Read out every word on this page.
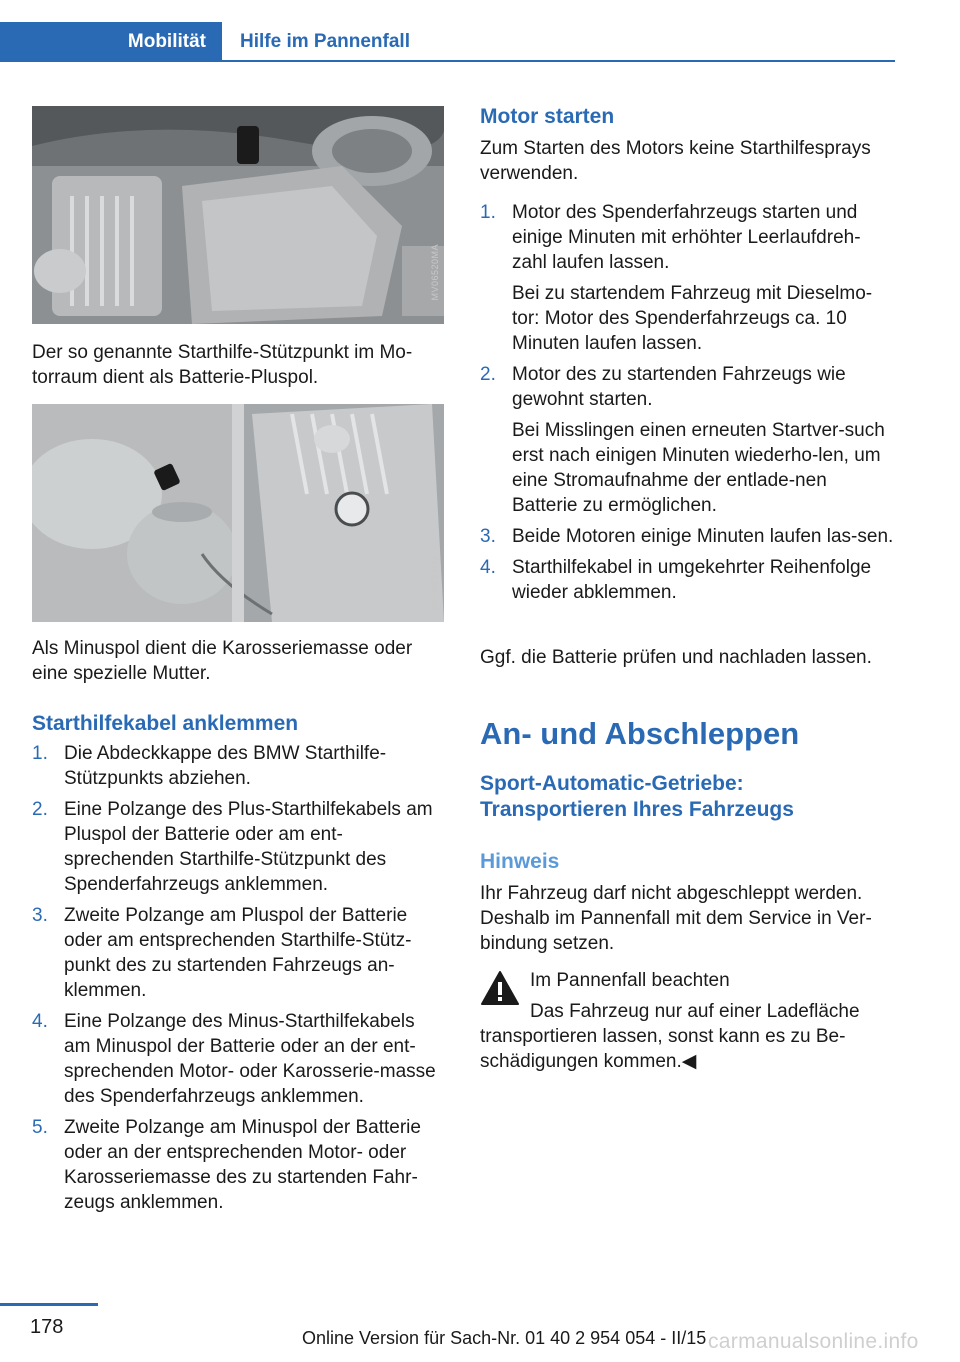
Mobilität Hilfe im Pannenfall
MV06520MA
Der so genannte Starthilfe-Stützpunkt im Mo-torraum dient als Batterie-Pluspol.
MV06523MA
Als Minuspol dient die Karosseriemasse oder eine spezielle Mutter.
Starthilfekabel anklemmen
1. Die Abdeckkappe des BMW Starthilfe-Stützpunkts abziehen.
2. Eine Polzange des Plus-Starthilfekabels am Pluspol der Batterie oder am ent-sprechenden Starthilfe-Stützpunkt des Spenderfahrzeugs anklemmen.
3. Zweite Polzange am Pluspol der Batterie oder am entsprechenden Starthilfe-Stütz-punkt des zu startenden Fahrzeugs an-klemmen.
4. Eine Polzange des Minus-Starthilfekabels am Minuspol der Batterie oder an der ent-sprechenden Motor- oder Karosserie-masse des Spenderfahrzeugs anklemmen.
5. Zweite Polzange am Minuspol der Batterie oder an der entsprechenden Motor- oder Karosseriemasse des zu startenden Fahr-zeugs anklemmen.
Motor starten
Zum Starten des Motors keine Starthilfesprays verwenden.
1. Motor des Spenderfahrzeugs starten und einige Minuten mit erhöhter Leerlaufdreh-zahl laufen lassen.
Bei zu startendem Fahrzeug mit Dieselmo-tor: Motor des Spenderfahrzeugs ca. 10 Minuten laufen lassen.
2. Motor des zu startenden Fahrzeugs wie gewohnt starten.
Bei Misslingen einen erneuten Startver-such erst nach einigen Minuten wiederho-len, um eine Stromaufnahme der entlade-nen Batterie zu ermöglichen.
3. Beide Motoren einige Minuten laufen las-sen.
4. Starthilfekabel in umgekehrter Reihenfolge wieder abklemmen.
Ggf. die Batterie prüfen und nachladen lassen.
An- und Abschleppen
Sport-Automatic-Getriebe: Transportieren Ihres Fahrzeugs
Hinweis
Ihr Fahrzeug darf nicht abgeschleppt werden. Deshalb im Pannenfall mit dem Service in Ver-bindung setzen.
Im Pannenfall beachten
Das Fahrzeug nur auf einer Ladefläche transportieren lassen, sonst kann es zu Be-schädigungen kommen.◀
178	Online Version für Sach-Nr. 01 40 2 954 054 - II/15 carmanualsonline.info
